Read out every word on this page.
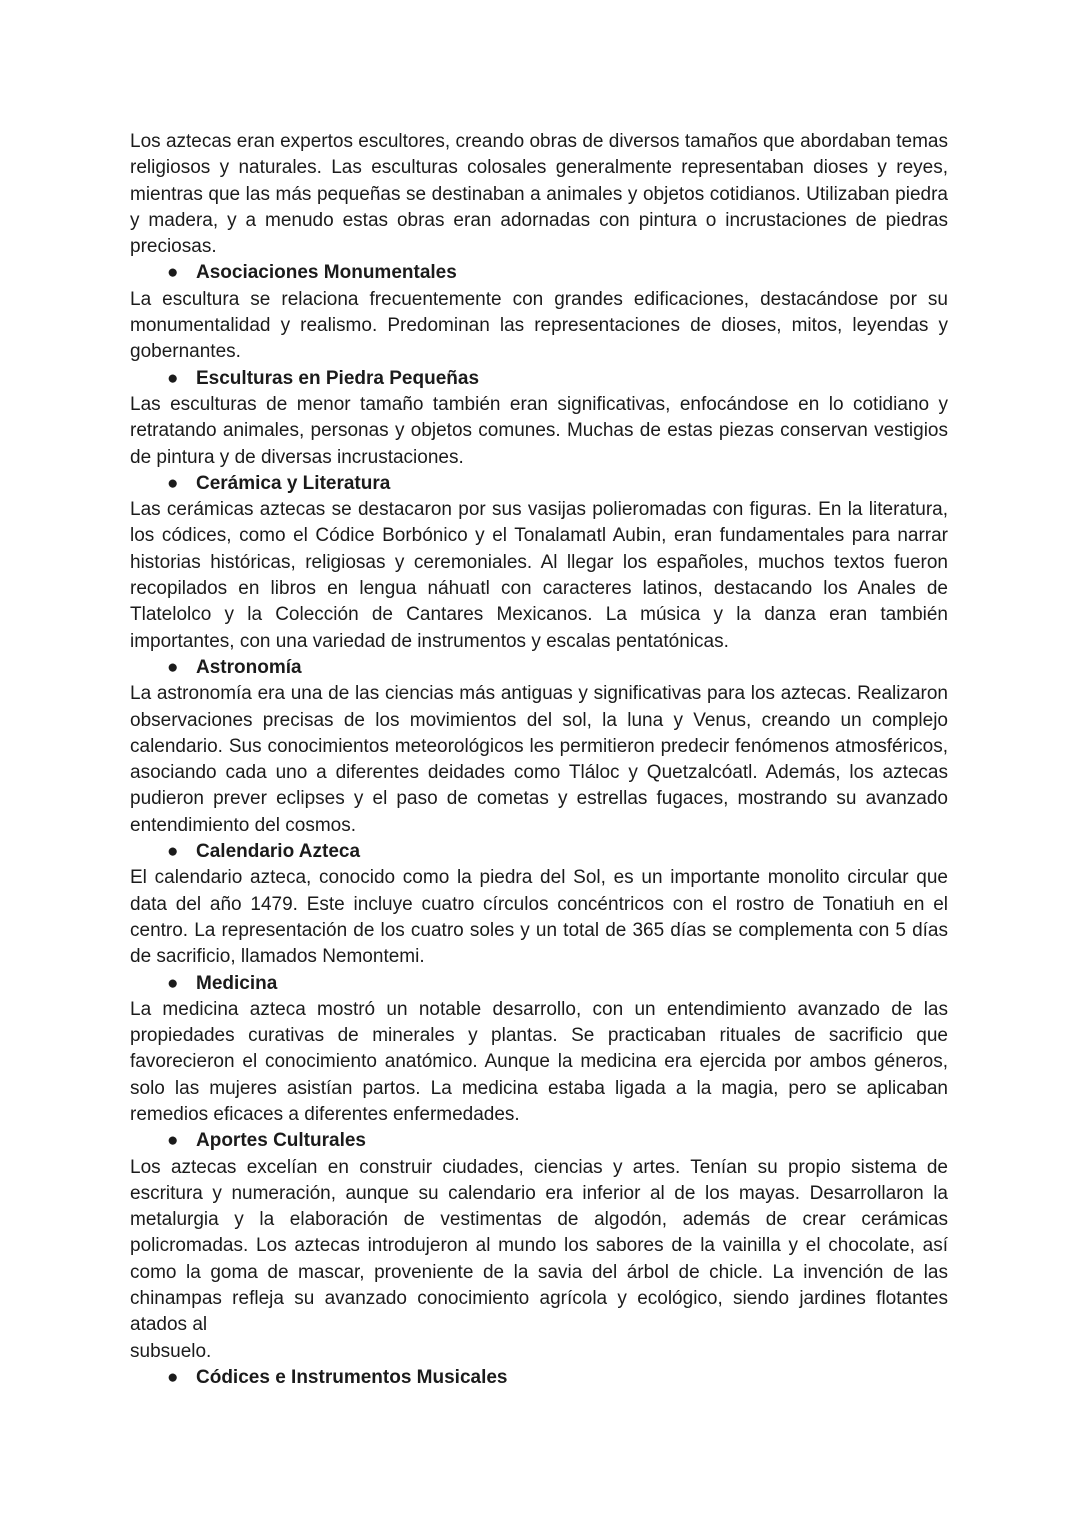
Los aztecas eran expertos escultores, creando obras de diversos tamaños que abordaban temas religiosos y naturales. Las esculturas colosales generalmente representaban dioses y reyes, mientras que las más pequeñas se destinaban a animales y objetos cotidianos. Utilizaban piedra y madera, y a menudo estas obras eran adornadas con pintura o incrustaciones de piedras preciosas.

● Asociaciones Monumentales

La escultura se relaciona frecuentemente con grandes edificaciones, destacándose por su monumentalidad y realismo. Predominan las representaciones de dioses, mitos, leyendas y gobernantes.

● Esculturas en Piedra Pequeñas

Las esculturas de menor tamaño también eran significativas, enfocándose en lo cotidiano y retratando animales, personas y objetos comunes. Muchas de estas piezas conservan vestigios de pintura y de diversas incrustaciones.

● Cerámica y Literatura

Las cerámicas aztecas se destacaron por sus vasijas polieromadas con figuras. En la literatura, los códices, como el Códice Borbónico y el Tonalamatl Aubin, eran fundamentales para narrar historias históricas, religiosas y ceremoniales. Al llegar los españoles, muchos textos fueron recopilados en libros en lengua náhuatl con caracteres latinos, destacando los Anales de Tlatelolco y la Colección de Cantares Mexicanos. La música y la danza eran también importantes, con una variedad de instrumentos y escalas pentatónicas.

● Astronomía

La astronomía era una de las ciencias más antiguas y significativas para los aztecas. Realizaron observaciones precisas de los movimientos del sol, la luna y Venus, creando un complejo calendario. Sus conocimientos meteorológicos les permitieron predecir fenómenos atmosféricos, asociando cada uno a diferentes deidades como Tláloc y Quetzalcóatl. Además, los aztecas pudieron prever eclipses y el paso de cometas y estrellas fugaces, mostrando su avanzado entendimiento del cosmos.

● Calendario Azteca

El calendario azteca, conocido como la piedra del Sol, es un importante monolito circular que data del año 1479. Este incluye cuatro círculos concéntricos con el rostro de Tonatiuh en el centro. La representación de los cuatro soles y un total de 365 días se complementa con 5 días de sacrificio, llamados Nemontemi.

● Medicina

La medicina azteca mostró un notable desarrollo, con un entendimiento avanzado de las propiedades curativas de minerales y plantas. Se practicaban rituales de sacrificio que favorecieron el conocimiento anatómico. Aunque la medicina era ejercida por ambos géneros, solo las mujeres asistían partos. La medicina estaba ligada a la magia, pero se aplicaban remedios eficaces a diferentes enfermedades.

● Aportes Culturales

Los aztecas excelían en construir ciudades, ciencias y artes. Tenían su propio sistema de escritura y numeración, aunque su calendario era inferior al de los mayas. Desarrollaron la metalurgia y la elaboración de vestimentas de algodón, además de crear cerámicas policromadas. Los aztecas introdujeron al mundo los sabores de la vainilla y el chocolate, así como la goma de mascar, proveniente de la savia del árbol de chicle. La invención de las chinampas refleja su avanzado conocimiento agrícola y ecológico, siendo jardines flotantes atados al

subsuelo.

● Códices e Instrumentos Musicales
